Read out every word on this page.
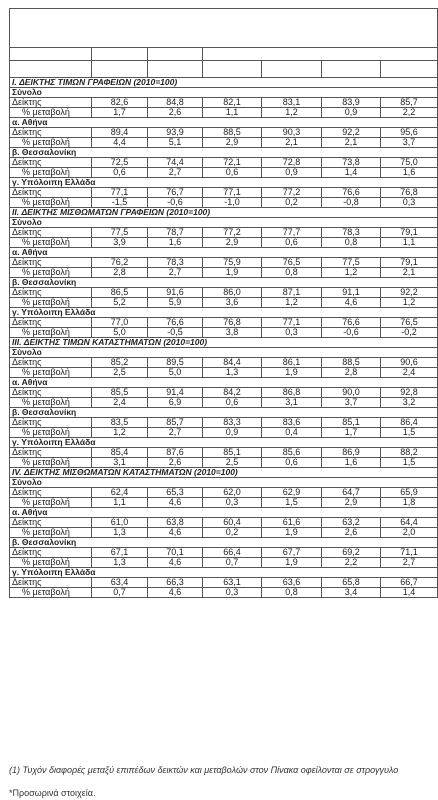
I. ΔΕΙΚΤΗΣ ΤΙΜΩΝ ΓΡΑΦΕΙΩΝ (2010=100)						
Σύνολο						
Δείκτης	82,6	84,8	82,1	83,1	83,9	85,7
% μεταβολή	1,7	2,6	1,1	1,2	0,9	2,2
α. Αθήνα						
Δείκτης	89,4	93,9	88,5	90,3	92,2	95,6
% μεταβολή	4,4	5,1	2,9	2,1	2,1	3,7
β. Θεσσαλονίκη						
Δείκτης	72,5	74,4	72,1	72,8	73,8	75,0
% μεταβολή	0,6	2,7	0,6	0,9	1,4	1,6
γ. Υπόλοιπη Ελλάδα						
Δείκτης	77,1	76,7	77,1	77,2	76,6	76,8
% μεταβολή	-1,5	-0,6	-1,0	0,2	-0,8	0,3
II. ΔΕΙΚΤΗΣ ΜΙΣΘΩΜΑΤΩΝ ΓΡΑΦΕΙΩΝ (2010=100)						
Σύνολο						
Δείκτης	77,5	78,7	77,2	77,7	78,3	79,1
% μεταβολή	3,9	1,6	2,9	0,6	0,8	1,1
α. Αθήνα						
Δείκτης	76,2	78,3	75,9	76,5	77,5	79,1
% μεταβολή	2,8	2,7	1,9	0,8	1,2	2,1
β. Θεσσαλονίκη						
Δείκτης	86,5	91,6	86,0	87,1	91,1	92,2
% μεταβολή	5,2	5,9	3,6	1,2	4,6	1,2
γ. Υπόλοιπη Ελλάδα						
Δείκτης	77,0	76,6	76,8	77,1	76,6	76,5
% μεταβολή	5,0	-0,5	3,8	0,3	-0,6	-0,2
III. ΔΕΙΚΤΗΣ ΤΙΜΩΝ ΚΑΤΑΣΤΗΜΑΤΩΝ (2010=100)						
Σύνολο						
Δείκτης	85,2	89,5	84,4	86,1	88,5	90,6
% μεταβολή	2,5	5,0	1,3	1,9	2,8	2,4
α. Αθήνα						
Δείκτης	85,5	91,4	84,2	86,8	90,0	92,8
% μεταβολή	2,4	6,9	0,6	3,1	3,7	3,2
β. Θεσσαλονίκη						
Δείκτης	83,5	85,7	83,3	83,6	85,1	86,4
% μεταβολή	1,2	2,7	0,9	0,4	1,7	1,5
γ. Υπόλοιπη Ελλάδα						
Δείκτης	85,4	87,6	85,1	85,6	86,9	88,2
% μεταβολή	3,1	2,6	2,5	0,6	1,6	1,5
IV. ΔΕΙΚΤΗΣ ΜΙΣΘΩΜΑΤΩΝ ΚΑΤΑΣΤΗΜΑΤΩΝ (2010=100)						
Σύνολο						
Δείκτης	62,4	65,3	62,0	62,9	64,7	65,9
% μεταβολή	1,1	4,6	0,3	1,5	2,9	1,8
α. Αθήνα						
Δείκτης	61,0	63,8	60,4	61,6	63,2	64,4
% μεταβολή	1,3	4,6	0,2	1,9	2,6	2,0
β. Θεσσαλονίκη						
Δείκτης	67,1	70,1	66,4	67,7	69,2	71,1
% μεταβολή	1,3	4,6	0,7	1,9	2,2	2,7
γ. Υπόλοιπη Ελλάδα						
Δείκτης	63,4	66,3	63,1	63,6	65,8	66,7
% μεταβολή	0,7	4,6	0,3	0,8	3,4	1,4
(1) Τυχόν διαφορές μεταξύ επιπέδων δεικτών και μεταβολών στον Πίνακα οφείλονται σε στρογγυλο
*Προσωρινά στοιχεία.
